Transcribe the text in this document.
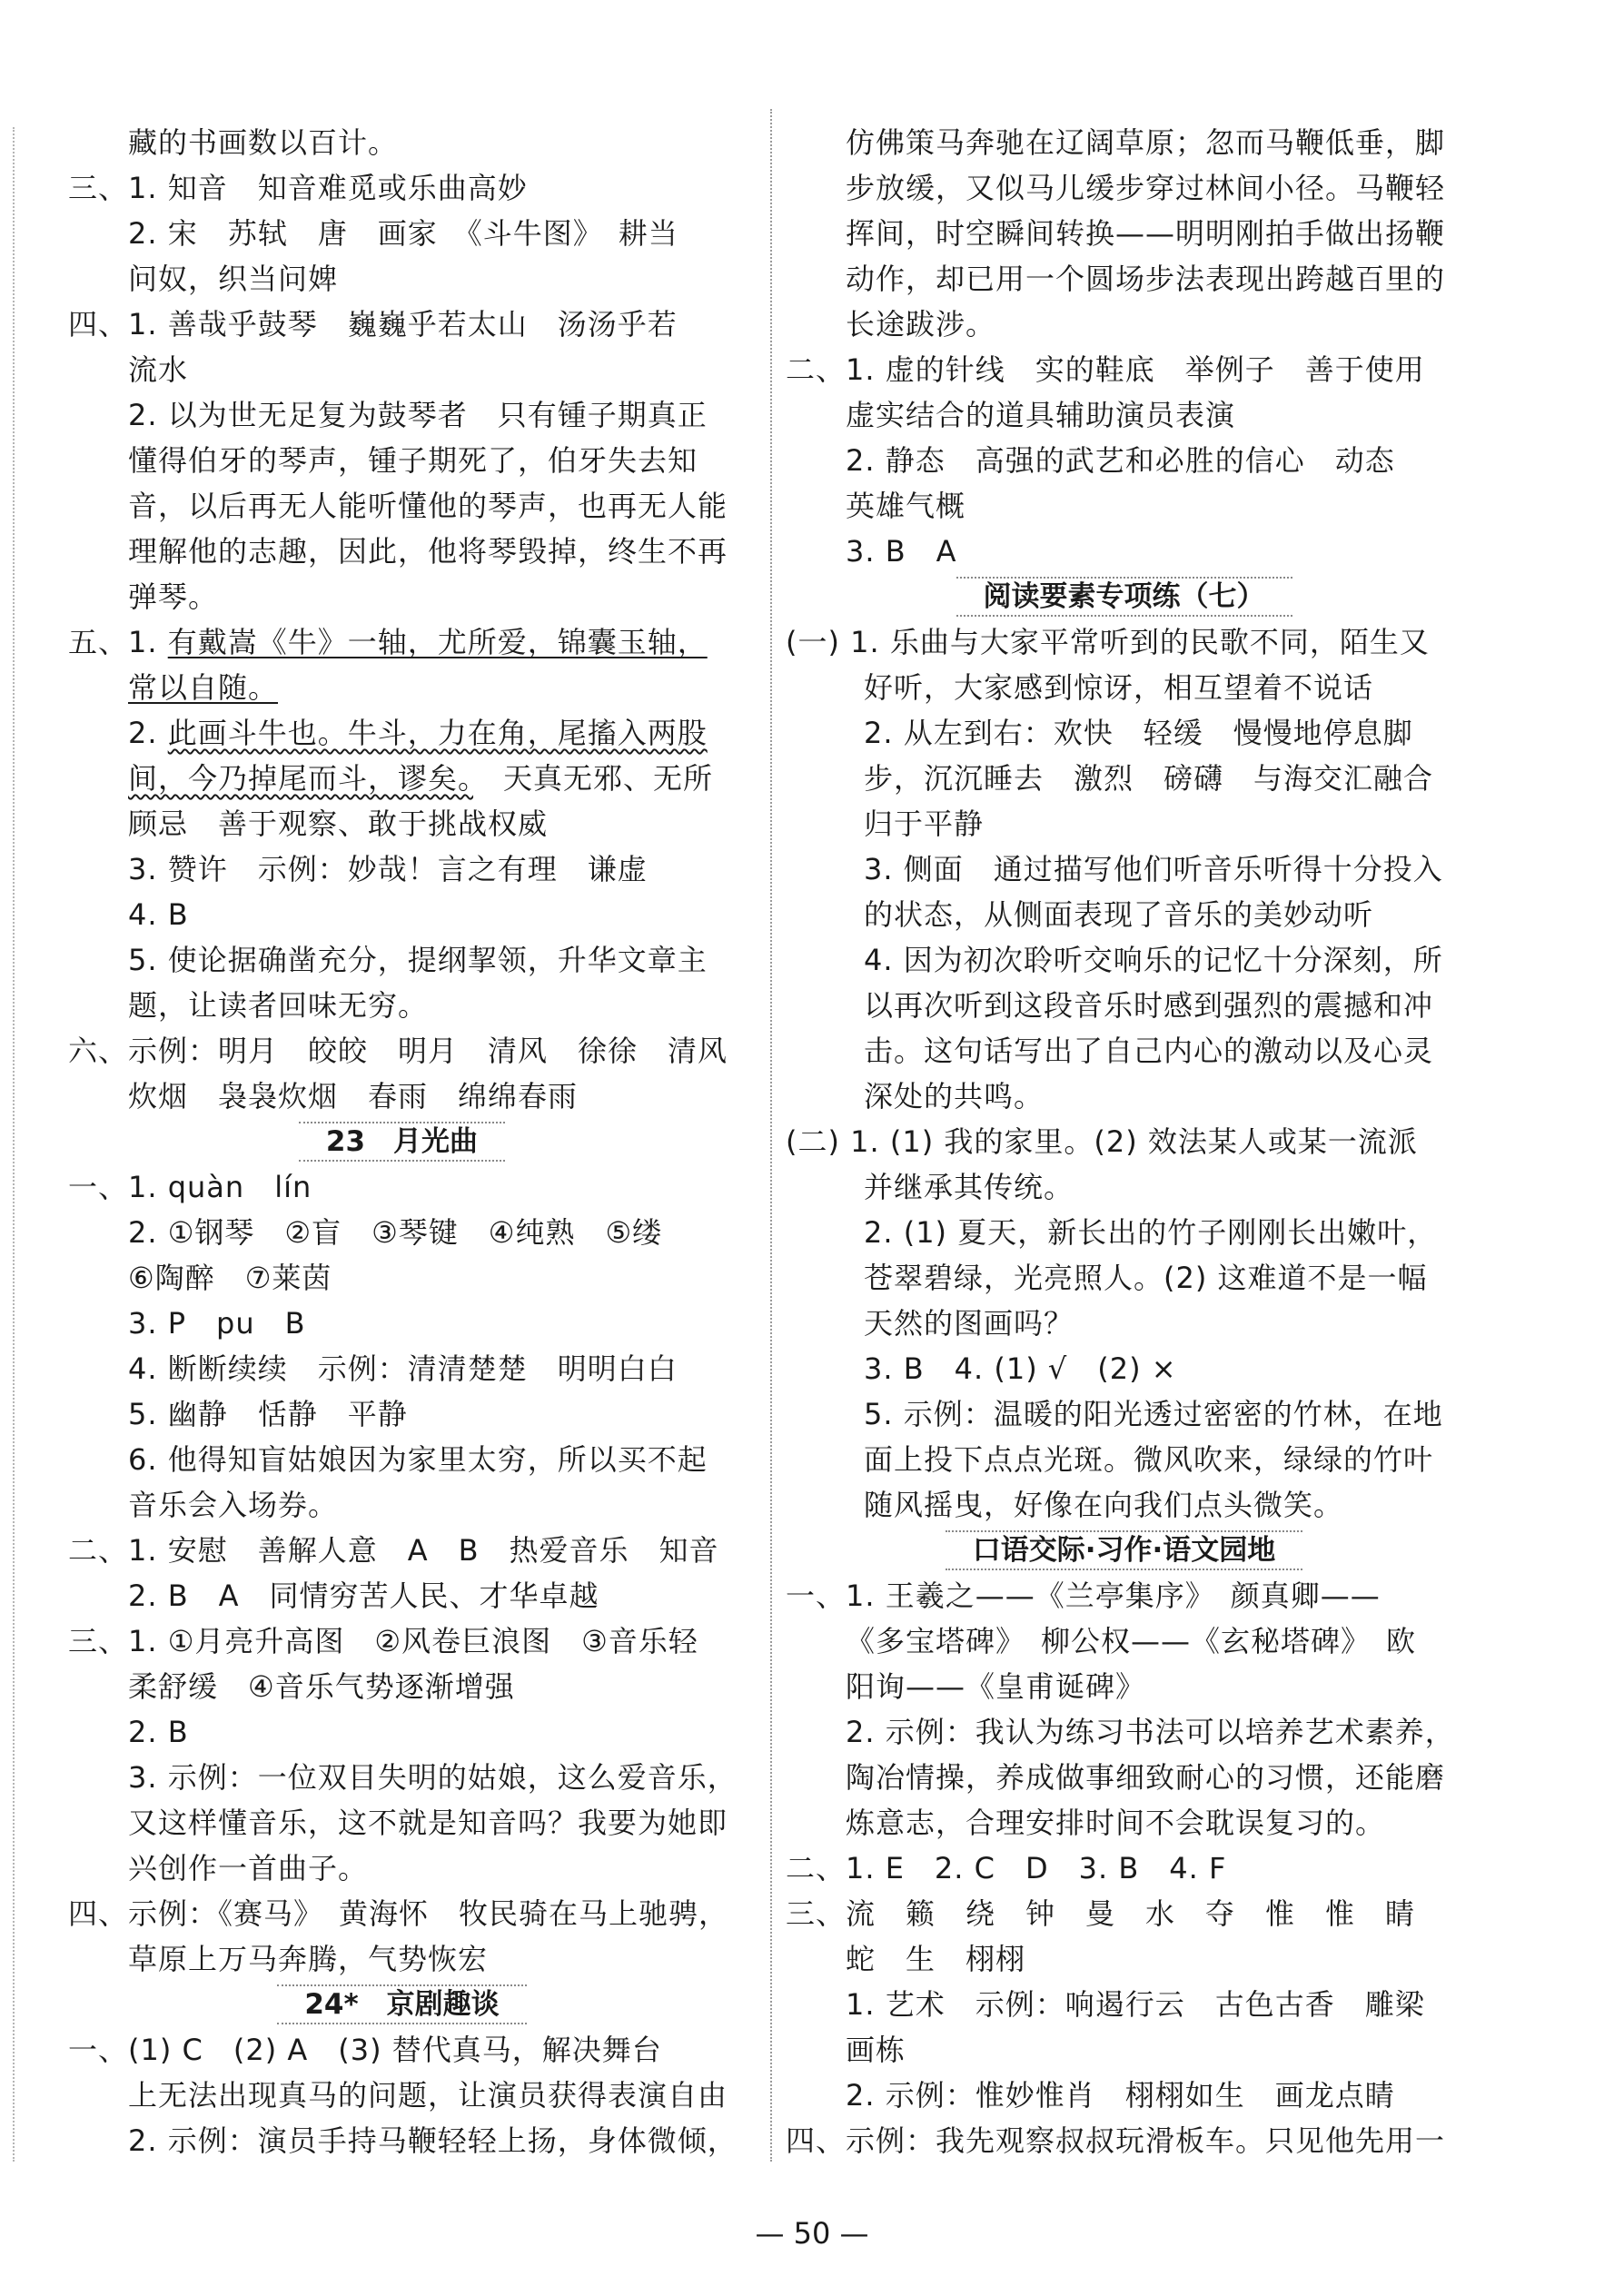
藏的书画数以百计。
三、1. 知音　知音难觅或乐曲高妙
2. 宋　苏轼　唐　画家　《斗牛图》　耕当
问奴，织当问婢
四、1. 善哉乎鼓琴　巍巍乎若太山　汤汤乎若
流水
2. 以为世无足复为鼓琴者　只有锺子期真正
懂得伯牙的琴声，锺子期死了，伯牙失去知
音，以后再无人能听懂他的琴声，也再无人能
理解他的志趣，因此，他将琴毁掉，终生不再
弹琴。
五、1. 有戴嵩《牛》一轴，尤所爱，锦囊玉轴，
常以自随。
2. 此画斗牛也。牛斗，力在角，尾搐入两股
间，今乃掉尾而斗，谬矣。　天真无邪、无所
顾忌　善于观察、敢于挑战权威
3. 赞许　示例：妙哉！言之有理　谦虚
4. B
5. 使论据确凿充分，提纲挈领，升华文章主
题，让读者回味无穷。
六、示例：明月　皎皎　明月　清风　徐徐　清风
炊烟　袅袅炊烟　春雨　绵绵春雨
23　月光曲
一、1. quàn　lín
2. ①钢琴　②盲　③琴键　④纯熟　⑤缕
⑥陶醉　⑦莱茵
3. P　pu　B
4. 断断续续　示例：清清楚楚　明明白白
5. 幽静　恬静　平静
6. 他得知盲姑娘因为家里太穷，所以买不起
音乐会入场券。
二、1. 安慰　善解人意　A　B　热爱音乐　知音
2. B　A　同情穷苦人民、才华卓越
三、1. ①月亮升高图　②风卷巨浪图　③音乐轻
柔舒缓　④音乐气势逐渐增强
2. B
3. 示例：一位双目失明的姑娘，这么爱音乐，
又这样懂音乐，这不就是知音吗？我要为她即
兴创作一首曲子。
四、示例：《赛马》　黄海怀　牧民骑在马上驰骋，
草原上万马奔腾，气势恢宏
24*　京剧趣谈
一、(1) C　(2) A　(3) 替代真马，解决舞台
上无法出现真马的问题，让演员获得表演自由
2. 示例：演员手持马鞭轻轻上扬，身体微倾，
仿佛策马奔驰在辽阔草原；忽而马鞭低垂，脚
步放缓，又似马儿缓步穿过林间小径。马鞭轻
挥间，时空瞬间转换——明明刚拍手做出扬鞭
动作，却已用一个圆场步法表现出跨越百里的
长途跋涉。
二、1. 虚的针线　实的鞋底　举例子　善于使用
虚实结合的道具辅助演员表演
2. 静态　高强的武艺和必胜的信心　动态
英雄气概
3. B　A
阅读要素专项练（七）
(一) 1. 乐曲与大家平常听到的民歌不同，陌生又
好听，大家感到惊讶，相互望着不说话
2. 从左到右：欢快　轻缓　慢慢地停息脚
步，沉沉睡去　激烈　磅礴　与海交汇融合
归于平静
3. 侧面　通过描写他们听音乐听得十分投入
的状态，从侧面表现了音乐的美妙动听
4. 因为初次聆听交响乐的记忆十分深刻，所
以再次听到这段音乐时感到强烈的震撼和冲
击。这句话写出了自己内心的激动以及心灵
深处的共鸣。
(二) 1. (1) 我的家里。(2) 效法某人或某一流派
并继承其传统。
2. (1) 夏天，新长出的竹子刚刚长出嫩叶，
苍翠碧绿，光亮照人。(2) 这难道不是一幅
天然的图画吗？
3. B　4. (1) √　(2) ×
5. 示例：温暖的阳光透过密密的竹林，在地
面上投下点点光斑。微风吹来，绿绿的竹叶
随风摇曳，好像在向我们点头微笑。
口语交际·习作·语文园地
一、1. 王羲之——《兰亭集序》　颜真卿——
《多宝塔碑》　柳公权——《玄秘塔碑》　欧
阳询——《皇甫诞碑》
2. 示例：我认为练习书法可以培养艺术素养，
陶冶情操，养成做事细致耐心的习惯，还能磨
炼意志，合理安排时间不会耽误复习的。
二、1. E　2. C　D　3. B　4. F
三、流　籁　绕　钟　曼　水　夺　惟　惟　睛
蛇　生　栩栩
1. 艺术　示例：响遏行云　古色古香　雕梁
画栋
2. 示例：惟妙惟肖　栩栩如生　画龙点睛
四、示例：我先观察叔叔玩滑板车。只见他先用一
— 50 —
